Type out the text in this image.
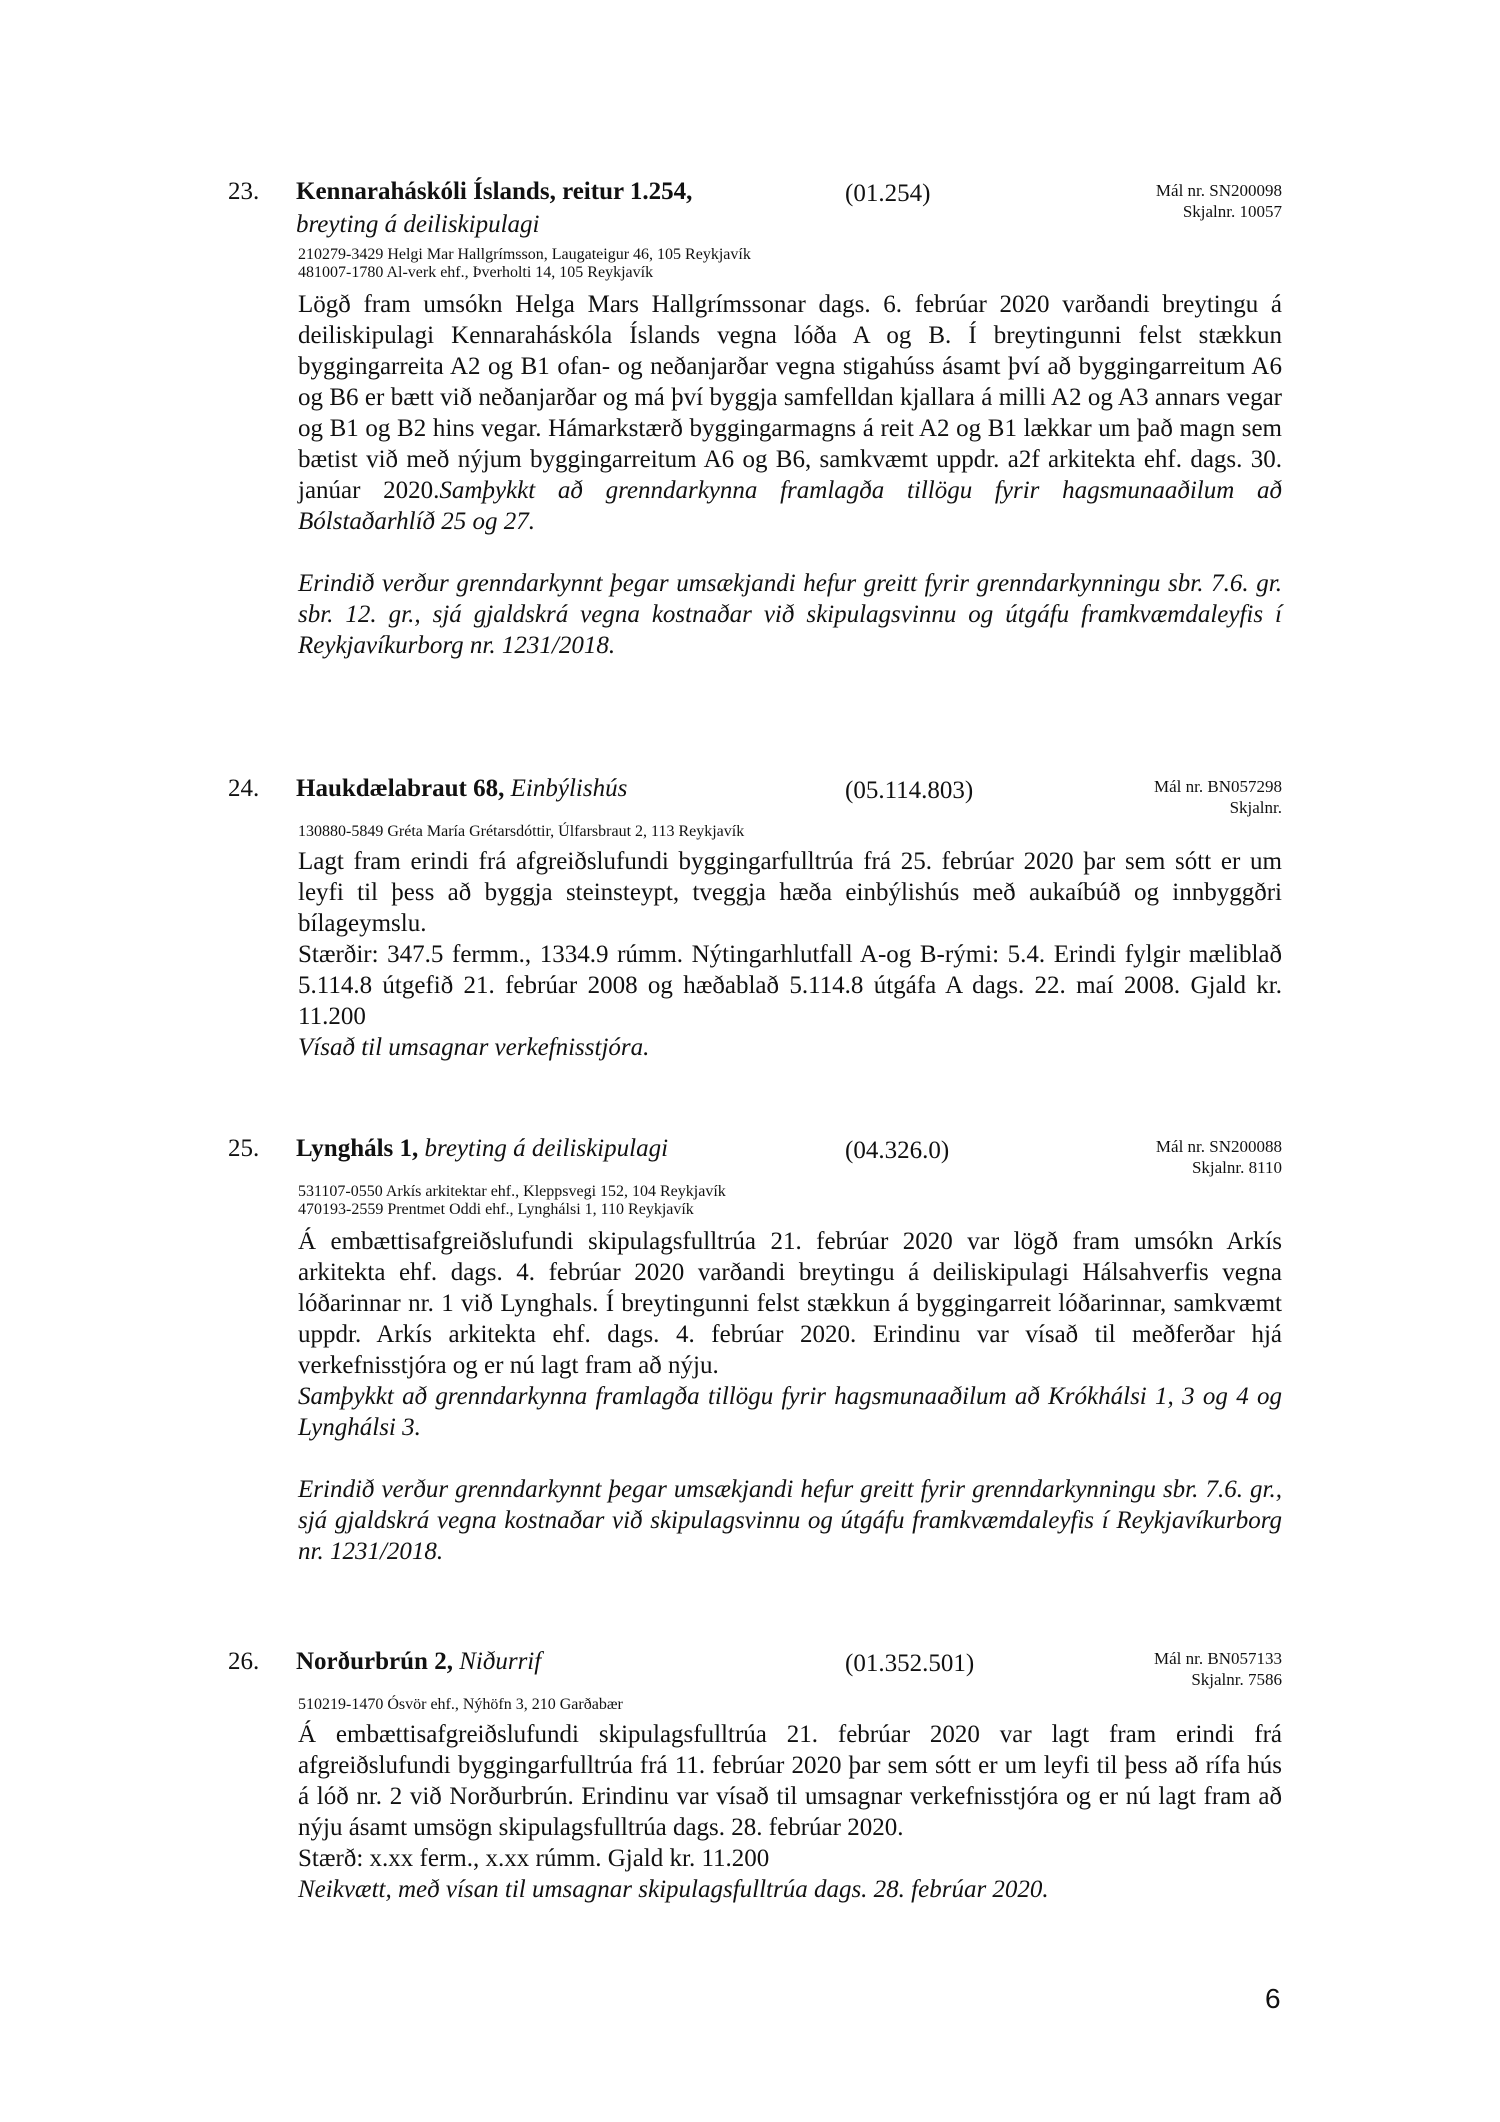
23. Kennaraháskóli Íslands, reitur 1.254,
breyting á deiliskipulagi
(01.254)	Mál nr. SN200098
Skjalnr. 10057
210279-3429 Helgi Mar Hallgrímsson, Laugateigur 46, 105 Reykjavík
481007-1780 Al-verk ehf., Þverholti 14, 105 Reykjavík

Lögð fram umsókn Helga Mars Hallgrímssonar dags. 6. febrúar 2020 varðandi breytingu á deiliskipulagi Kennaraháskóla Íslands vegna lóða A og B. Í breytingunni felst stækkun byggingarreita A2 og B1 ofan- og neðanjarðar vegna stigahúss ásamt því að byggingarreitum A6 og B6 er bætt við neðanjarðar og má því byggja samfelldan kjallara á milli A2 og A3 annars vegar og B1 og B2 hins vegar. Hámarkstærð byggingarmagns á reit A2 og B1 lækkar um það magn sem bætist við með nýjum byggingarreitum A6 og B6, samkvæmt uppdr. a2f arkitekta ehf. dags. 30. janúar 2020.Samþykkt að grenndarkynna framlagða tillögu fyrir hagsmunaaðilum að Bólstaðarhlíð 25 og 27.

Erindið verður grenndarkynnt þegar umsækjandi hefur greitt fyrir grenndarkynningu sbr. 7.6. gr. sbr. 12. gr., sjá gjaldskrá vegna kostnaðar við skipulagsvinnu og útgáfu framkvæmdaleyfis í Reykjavíkurborg nr. 1231/2018.

24. Haukdælabraut 68, Einbýlishús	(05.114.803)	Mál nr. BN057298
Skjalnr.
130880-5849 Gréta María Grétarsdóttir, Úlfarsbraut 2, 113 Reykjavík

Lagt fram erindi frá afgreiðslufundi byggingarfulltrúa frá 25. febrúar 2020 þar sem sótt er um leyfi til þess að byggja steinsteypt, tveggja hæða einbýlishús með aukaíbúð og innbyggðri bílageymslu.

Stærðir: 347.5 fermm., 1334.9 rúmm. Nýtingarhlutfall A-og B-rými: 5.4. Erindi fylgir mæliblað 5.114.8 útgefið 21. febrúar 2008 og hæðablað 5.114.8 útgáfa A dags. 22. maí 2008. Gjald kr. 11.200

Vísað til umsagnar verkefnisstjóra.

25. Lyngháls 1, breyting á deiliskipulagi	(04.326.0)	Mál nr. SN200088
Skjalnr. 8110
531107-0550 Arkís arkitektar ehf., Kleppsvegi 152, 104 Reykjavík
470193-2559 Prentmet Oddi ehf., Lynghálsi 1, 110 Reykjavík

Á embættisafgreiðslufundi skipulagsfulltrúa 21. febrúar 2020 var lögð fram umsókn Arkís arkitekta ehf. dags. 4. febrúar 2020 varðandi breytingu á deiliskipulagi Hálsahverfis vegna lóðarinnar nr. 1 við Lynghals. Í breytingunni felst stækkun á byggingarreit lóðarinnar, samkvæmt uppdr. Arkís arkitekta ehf. dags. 4. febrúar 2020. Erindinu var vísað til meðferðar hjá verkefnisstjóra og er nú lagt fram að nýju.

Samþykkt að grenndarkynna framlagða tillögu fyrir hagsmunaaðilum að Krókhálsi 1, 3 og 4 og Lynghálsi 3.

Erindið verður grenndarkynnt þegar umsækjandi hefur greitt fyrir grenndarkynningu sbr. 7.6. gr., sjá gjaldskrá vegna kostnaðar við skipulagsvinnu og útgáfu framkvæmdaleyfis í Reykjavíkurborg nr. 1231/2018.

26. Norðurbrún 2, Niðurrif	(01.352.501)	Mál nr. BN057133
Skjalnr. 7586
510219-1470 Ósvör ehf., Nýhöfn 3, 210 Garðabær

Á embættisafgreiðslufundi skipulagsfulltrúa 21. febrúar 2020 var lagt fram erindi frá afgreiðslufundi byggingarfulltrúa frá 11. febrúar 2020 þar sem sótt er um leyfi til þess að rífa hús á lóð nr. 2 við Norðurbrún. Erindinu var vísað til umsagnar verkefnisstjóra og er nú lagt fram að nýju ásamt umsögn skipulagsfulltrúa dags. 28. febrúar 2020.

Stærð: x.xx ferm., x.xx rúmm. Gjald kr. 11.200

Neikvætt, með vísan til umsagnar skipulagsfulltrúa dags. 28. febrúar 2020.

6
